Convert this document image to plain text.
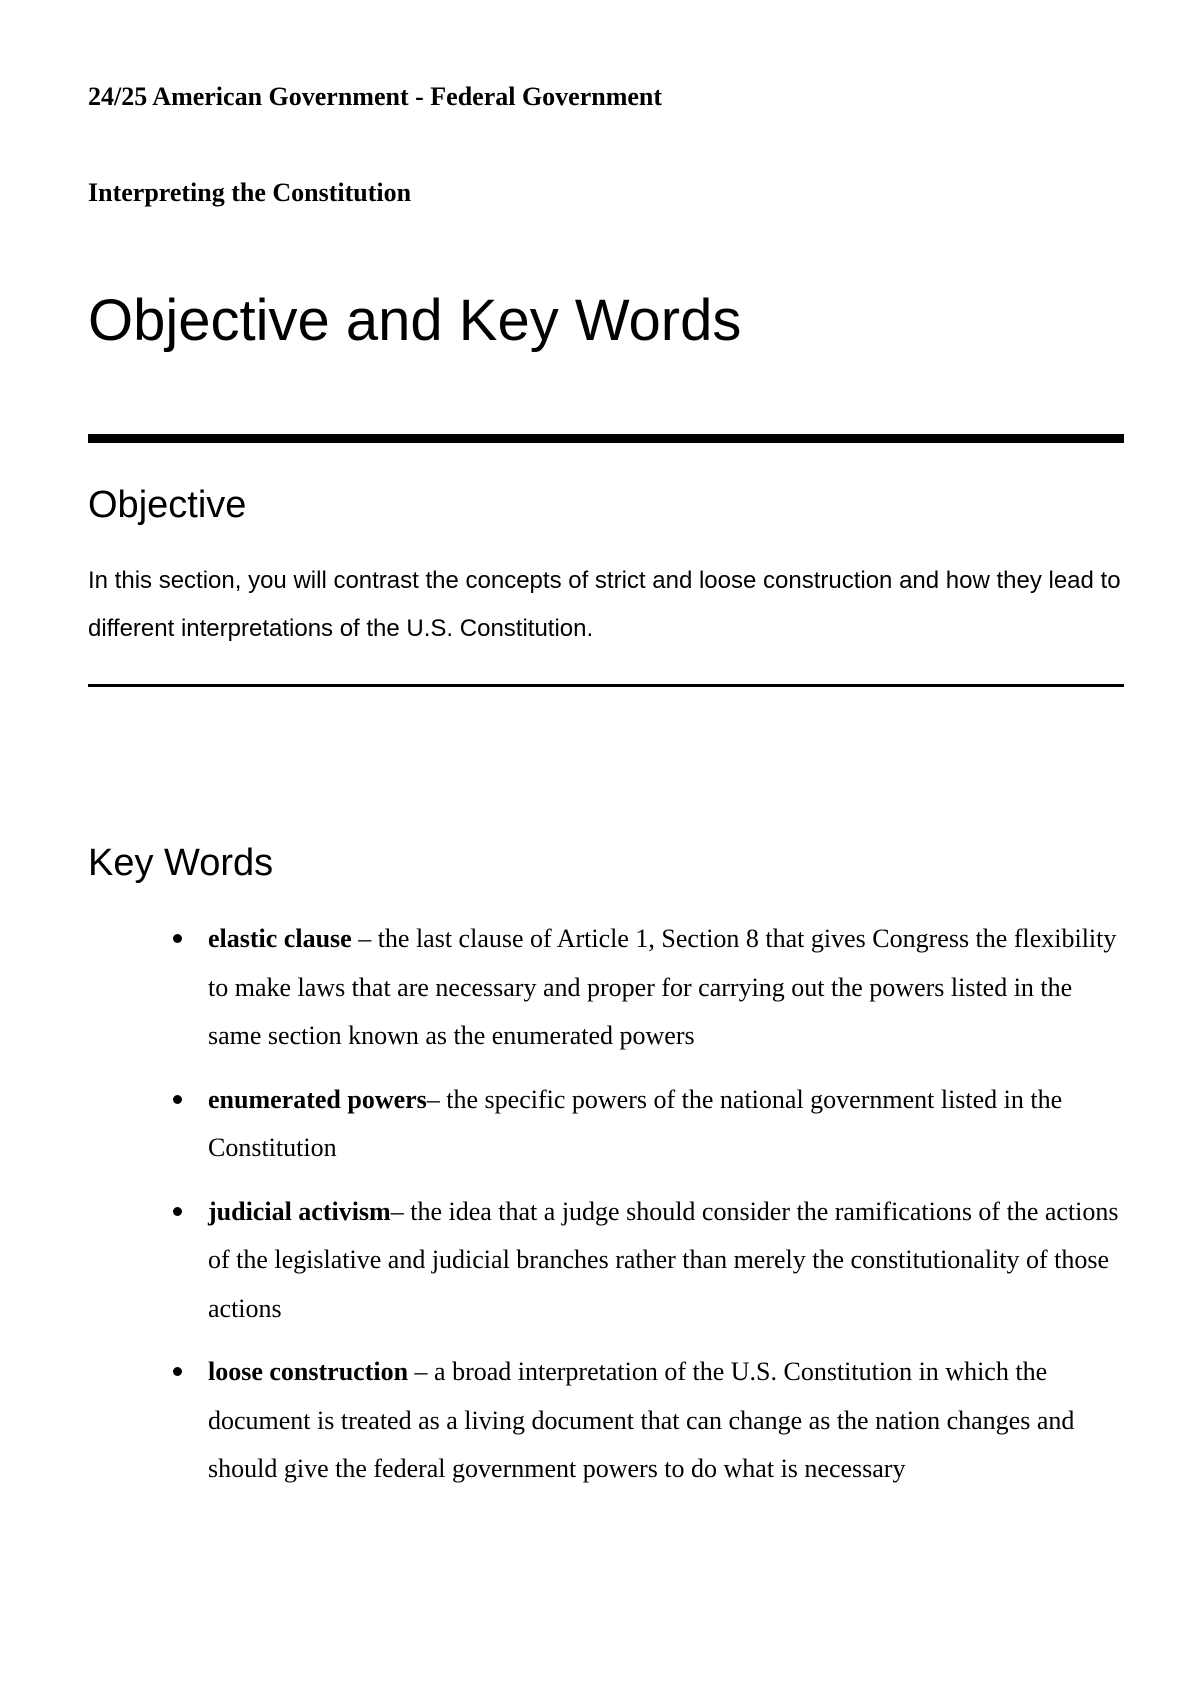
24/25 American Government - Federal Government
Interpreting the Constitution
Objective and Key Words
Objective

In this section, you will contrast the concepts of strict and loose construction and how they lead to different interpretations of the U.S. Constitution.

Key Words
elastic clause – the last clause of Article 1, Section 8 that gives Congress the flexibility to make laws that are necessary and proper for carrying out the powers listed in the same section known as the enumerated powers
enumerated powers– the specific powers of the national government listed in the Constitution
judicial activism– the idea that a judge should consider the ramifications of the actions of the legislative and judicial branches rather than merely the constitutionality of those actions
loose construction – a broad interpretation of the U.S. Constitution in which the document is treated as a living document that can change as the nation changes and should give the federal government powers to do what is necessary
